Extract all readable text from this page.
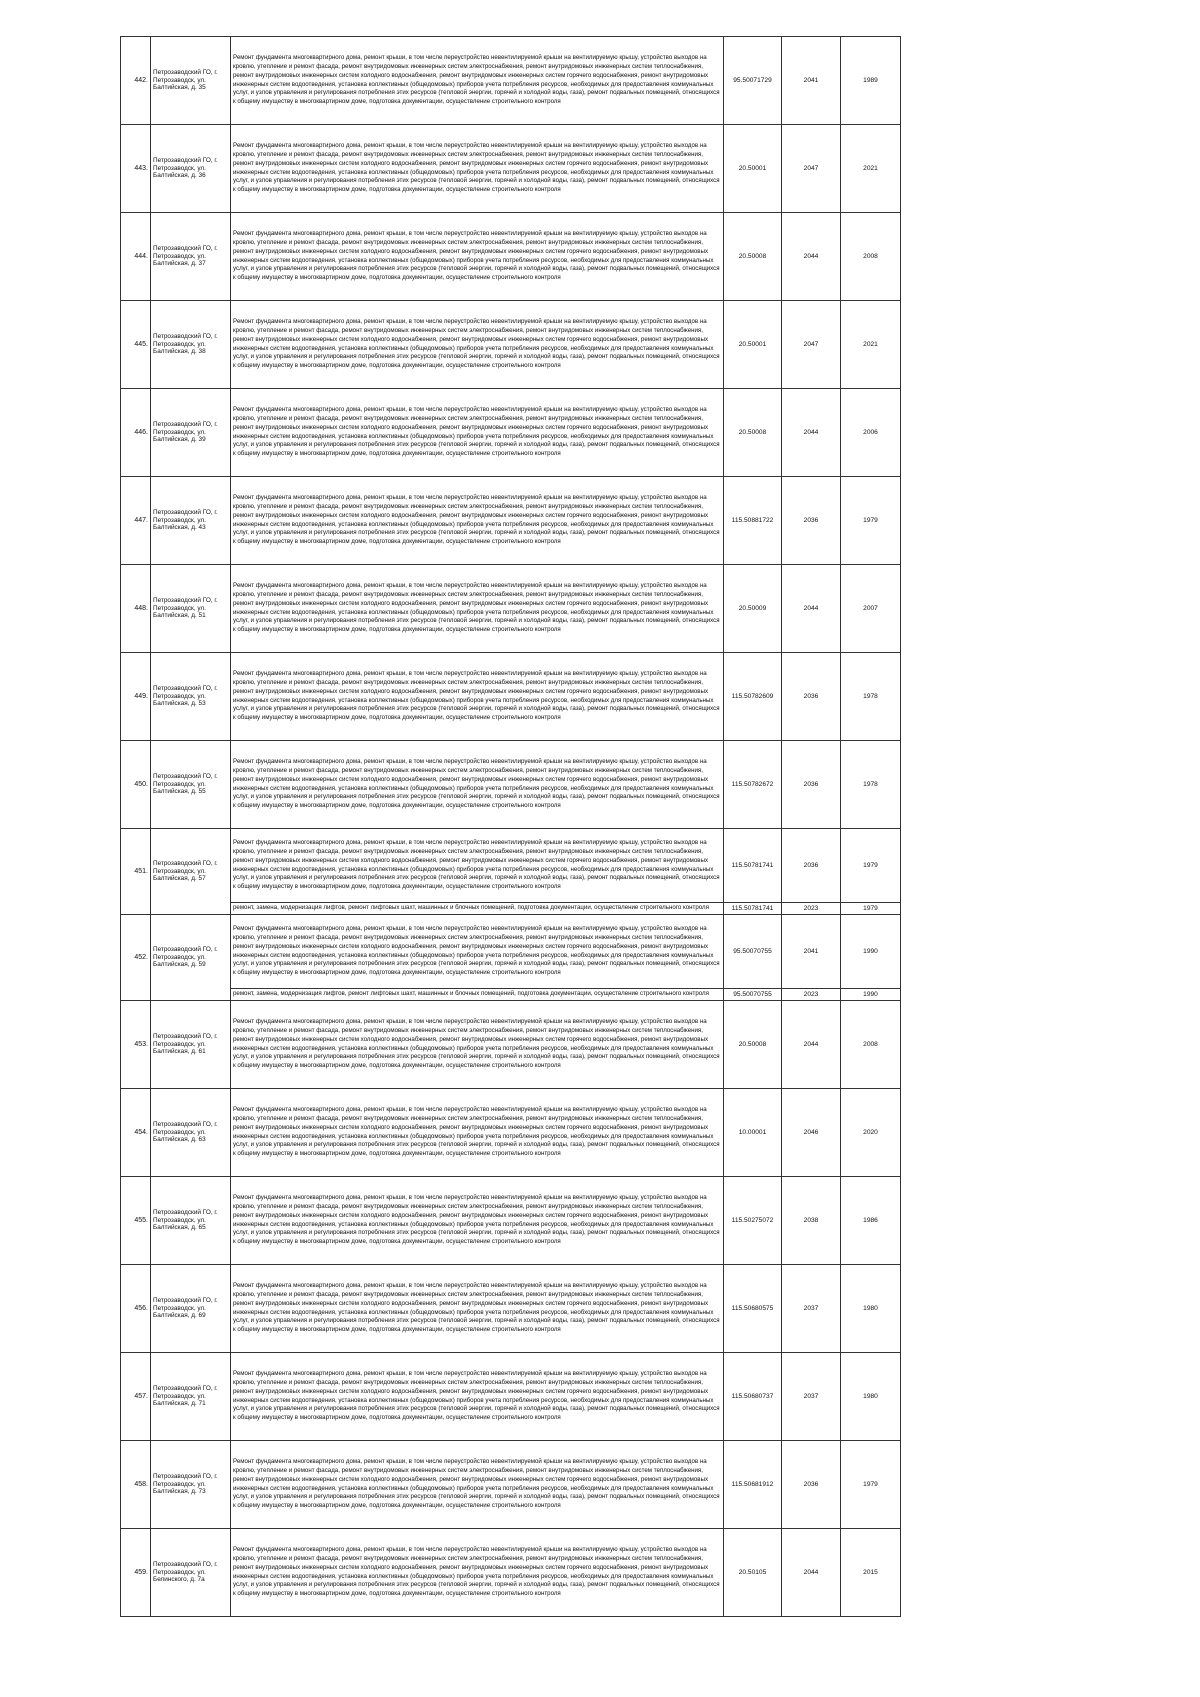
442.	Петрозаводский ГО, г. Петрозаводск, ул. Балтийская, д. 35	Ремонт фундамента многоквартирного дома, ремонт крыши, в том числе переустройство невентилируемой крыши на вентилируемую крышу, устройство выходов на кровлю, утепление и ремонт фасада, ремонт внутридомовых инженерных систем электроснабжения, ремонт внутридомовых инженерных систем теплоснабжения, ремонт внутридомовых инженерных систем холодного водоснабжения, ремонт внутридомовых инженерных систем горячего водоснабжения, ремонт внутридомовых инженерных систем водоотведения, установка коллективных (общедомовых) приборов учета потребления ресурсов, необходимых для предоставления коммунальных услуг, и узлов управления и регулирования потребления этих ресурсов (тепловой энергии, горячей и холодной воды, газа), ремонт подвальных помещений, относящихся к общему имуществу в многоквартирном доме, подготовка документации, осуществление строительного контроля	95.50071729	2041	1989
443.	Петрозаводский ГО, г. Петрозаводск, ул. Балтийская, д. 36	Ремонт фундамента многоквартирного дома, ремонт крыши, в том числе переустройство невентилируемой крыши на вентилируемую крышу, устройство выходов на кровлю, утепление и ремонт фасада, ремонт внутридомовых инженерных систем электроснабжения, ремонт внутридомовых инженерных систем теплоснабжения, ремонт внутридомовых инженерных систем холодного водоснабжения, ремонт внутридомовых инженерных систем горячего водоснабжения, ремонт внутридомовых инженерных систем водоотведения, установка коллективных (общедомовых) приборов учета потребления ресурсов, необходимых для предоставления коммунальных услуг, и узлов управления и регулирования потребления этих ресурсов (тепловой энергии, горячей и холодной воды, газа), ремонт подвальных помещений, относящихся к общему имуществу в многоквартирном доме, подготовка документации, осуществление строительного контроля	20.50001	2047	2021
444.	Петрозаводский ГО, г. Петрозаводск, ул. Балтийская, д. 37	Ремонт фундамента многоквартирного дома, ремонт крыши, в том числе переустройство невентилируемой крыши на вентилируемую крышу, устройство выходов на кровлю, утепление и ремонт фасада, ремонт внутридомовых инженерных систем электроснабжения, ремонт внутридомовых инженерных систем теплоснабжения, ремонт внутридомовых инженерных систем холодного водоснабжения, ремонт внутридомовых инженерных систем горячего водоснабжения, ремонт внутридомовых инженерных систем водоотведения, установка коллективных (общедомовых) приборов учета потребления ресурсов, необходимых для предоставления коммунальных услуг, и узлов управления и регулирования потребления этих ресурсов (тепловой энергии, горячей и холодной воды, газа), ремонт подвальных помещений, относящихся к общему имуществу в многоквартирном доме, подготовка документации, осуществление строительного контроля	20.50008	2044	2008
445.	Петрозаводский ГО, г. Петрозаводск, ул. Балтийская, д. 38	Ремонт фундамента многоквартирного дома, ремонт крыши, в том числе переустройство невентилируемой крыши на вентилируемую крышу, устройство выходов на кровлю, утепление и ремонт фасада, ремонт внутридомовых инженерных систем электроснабжения, ремонт внутридомовых инженерных систем теплоснабжения, ремонт внутридомовых инженерных систем холодного водоснабжения, ремонт внутридомовых инженерных систем горячего водоснабжения, ремонт внутридомовых инженерных систем водоотведения, установка коллективных (общедомовых) приборов учета потребления ресурсов, необходимых для предоставления коммунальных услуг, и узлов управления и регулирования потребления этих ресурсов (тепловой энергии, горячей и холодной воды, газа), ремонт подвальных помещений, относящихся к общему имуществу в многоквартирном доме, подготовка документации, осуществление строительного контроля	20.50001	2047	2021
446.	Петрозаводский ГО, г. Петрозаводск, ул. Балтийская, д. 39	Ремонт фундамента многоквартирного дома, ремонт крыши, в том числе переустройство невентилируемой крыши на вентилируемую крышу, устройство выходов на кровлю, утепление и ремонт фасада, ремонт внутридомовых инженерных систем электроснабжения, ремонт внутридомовых инженерных систем теплоснабжения, ремонт внутридомовых инженерных систем холодного водоснабжения, ремонт внутридомовых инженерных систем горячего водоснабжения, ремонт внутридомовых инженерных систем водоотведения, установка коллективных (общедомовых) приборов учета потребления ресурсов, необходимых для предоставления коммунальных услуг, и узлов управления и регулирования потребления этих ресурсов (тепловой энергии, горячей и холодной воды, газа), ремонт подвальных помещений, относящихся к общему имуществу в многоквартирном доме, подготовка документации, осуществление строительного контроля	20.50008	2044	2006
447.	Петрозаводский ГО, г. Петрозаводск, ул. Балтийская, д. 43	Ремонт фундамента многоквартирного дома, ремонт крыши, в том числе переустройство невентилируемой крыши на вентилируемую крышу, устройство выходов на кровлю, утепление и ремонт фасада, ремонт внутридомовых инженерных систем электроснабжения, ремонт внутридомовых инженерных систем теплоснабжения, ремонт внутридомовых инженерных систем холодного водоснабжения, ремонт внутридомовых инженерных систем горячего водоснабжения, ремонт внутридомовых инженерных систем водоотведения, установка коллективных (общедомовых) приборов учета потребления ресурсов, необходимых для предоставления коммунальных услуг, и узлов управления и регулирования потребления этих ресурсов (тепловой энергии, горячей и холодной воды, газа), ремонт подвальных помещений, относящихся к общему имуществу в многоквартирном доме, подготовка документации, осуществление строительного контроля	115.50881722	2036	1979
448.	Петрозаводский ГО, г. Петрозаводск, ул. Балтийская, д. 51	Ремонт фундамента многоквартирного дома, ремонт крыши, в том числе переустройство невентилируемой крыши на вентилируемую крышу, устройство выходов на кровлю, утепление и ремонт фасада, ремонт внутридомовых инженерных систем электроснабжения, ремонт внутридомовых инженерных систем теплоснабжения, ремонт внутридомовых инженерных систем холодного водоснабжения, ремонт внутридомовых инженерных систем горячего водоснабжения, ремонт внутридомовых инженерных систем водоотведения, установка коллективных (общедомовых) приборов учета потребления ресурсов, необходимых для предоставления коммунальных услуг, и узлов управления и регулирования потребления этих ресурсов (тепловой энергии, горячей и холодной воды, газа), ремонт подвальных помещений, относящихся к общему имуществу в многоквартирном доме, подготовка документации, осуществление строительного контроля	20.50009	2044	2007
449.	Петрозаводский ГО, г. Петрозаводск, ул. Балтийская, д. 53	Ремонт фундамента многоквартирного дома, ремонт крыши, в том числе переустройство невентилируемой крыши на вентилируемую крышу, устройство выходов на кровлю, утепление и ремонт фасада, ремонт внутридомовых инженерных систем электроснабжения, ремонт внутридомовых инженерных систем теплоснабжения, ремонт внутридомовых инженерных систем холодного водоснабжения, ремонт внутридомовых инженерных систем горячего водоснабжения, ремонт внутридомовых инженерных систем водоотведения, установка коллективных (общедомовых) приборов учета потребления ресурсов, необходимых для предоставления коммунальных услуг, и узлов управления и регулирования потребления этих ресурсов (тепловой энергии, горячей и холодной воды, газа), ремонт подвальных помещений, относящихся к общему имуществу в многоквартирном доме, подготовка документации, осуществление строительного контроля	115.50782609	2036	1978
450.	Петрозаводский ГО, г. Петрозаводск, ул. Балтийская, д. 55	Ремонт фундамента многоквартирного дома, ремонт крыши, в том числе переустройство невентилируемой крыши на вентилируемую крышу, устройство выходов на кровлю, утепление и ремонт фасада, ремонт внутридомовых инженерных систем электроснабжения, ремонт внутридомовых инженерных систем теплоснабжения, ремонт внутридомовых инженерных систем холодного водоснабжения, ремонт внутридомовых инженерных систем горячего водоснабжения, ремонт внутридомовых инженерных систем водоотведения, установка коллективных (общедомовых) приборов учета потребления ресурсов, необходимых для предоставления коммунальных услуг, и узлов управления и регулирования потребления этих ресурсов (тепловой энергии, горячей и холодной воды, газа), ремонт подвальных помещений, относящихся к общему имуществу в многоквартирном доме, подготовка документации, осуществление строительного контроля	115.50782672	2036	1978
451.	Петрозаводский ГО, г. Петрозаводск, ул. Балтийская, д. 57	Ремонт фундамента многоквартирного дома, ремонт крыши, в том числе переустройство невентилируемой крыши на вентилируемую крышу, устройство выходов на кровлю, утепление и ремонт фасада, ремонт внутридомовых инженерных систем электроснабжения, ремонт внутридомовых инженерных систем теплоснабжения, ремонт внутридомовых инженерных систем холодного водоснабжения, ремонт внутридомовых инженерных систем горячего водоснабжения, ремонт внутридомовых инженерных систем водоотведения, установка коллективных (общедомовых) приборов учета потребления ресурсов, необходимых для предоставления коммунальных услуг, и узлов управления и регулирования потребления этих ресурсов (тепловой энергии, горячей и холодной воды, газа), ремонт подвальных помещений, относящихся к общему имуществу в многоквартирном доме, подготовка документации, осуществление строительного контроля	115.50781741	2036	1979
		ремонт, замена, модернизация лифтов, ремонт лифтовых шахт, машинных и блочных помещений, подготовка документации, осуществление строительного контроля	115.50781741	2023	1979
452.	Петрозаводский ГО, г. Петрозаводск, ул. Балтийская, д. 59	Ремонт фундамента многоквартирного дома, ремонт крыши, в том числе переустройство невентилируемой крыши на вентилируемую крышу, устройство выходов на кровлю, утепление и ремонт фасада, ремонт внутридомовых инженерных систем электроснабжения, ремонт внутридомовых инженерных систем теплоснабжения, ремонт внутридомовых инженерных систем холодного водоснабжения, ремонт внутридомовых инженерных систем горячего водоснабжения, ремонт внутридомовых инженерных систем водоотведения, установка коллективных (общедомовых) приборов учета потребления ресурсов, необходимых для предоставления коммунальных услуг, и узлов управления и регулирования потребления этих ресурсов (тепловой энергии, горячей и холодной воды, газа), ремонт подвальных помещений, относящихся к общему имуществу в многоквартирном доме, подготовка документации, осуществление строительного контроля	95.50070755	2041	1990
		ремонт, замена, модернизация лифтов, ремонт лифтовых шахт, машинных и блочных помещений, подготовка документации, осуществление строительного контроля	95.50070755	2023	1990
453.	Петрозаводский ГО, г. Петрозаводск, ул. Балтийская, д. 61	Ремонт фундамента многоквартирного дома, ремонт крыши, в том числе переустройство невентилируемой крыши на вентилируемую крышу, устройство выходов на кровлю, утепление и ремонт фасада, ремонт внутридомовых инженерных систем электроснабжения, ремонт внутридомовых инженерных систем теплоснабжения, ремонт внутридомовых инженерных систем холодного водоснабжения, ремонт внутридомовых инженерных систем горячего водоснабжения, ремонт внутридомовых инженерных систем водоотведения, установка коллективных (общедомовых) приборов учета потребления ресурсов, необходимых для предоставления коммунальных услуг, и узлов управления и регулирования потребления этих ресурсов (тепловой энергии, горячей и холодной воды, газа), ремонт подвальных помещений, относящихся к общему имуществу в многоквартирном доме, подготовка документации, осуществление строительного контроля	20.50008	2044	2008
454.	Петрозаводский ГО, г. Петрозаводск, ул. Балтийская, д. 63	Ремонт фундамента многоквартирного дома, ремонт крыши, в том числе переустройство невентилируемой крыши на вентилируемую крышу, устройство выходов на кровлю, утепление и ремонт фасада, ремонт внутридомовых инженерных систем электроснабжения, ремонт внутридомовых инженерных систем теплоснабжения, ремонт внутридомовых инженерных систем холодного водоснабжения, ремонт внутридомовых инженерных систем горячего водоснабжения, ремонт внутридомовых инженерных систем водоотведения, установка коллективных (общедомовых) приборов учета потребления ресурсов, необходимых для предоставления коммунальных услуг, и узлов управления и регулирования потребления этих ресурсов (тепловой энергии, горячей и холодной воды, газа), ремонт подвальных помещений, относящихся к общему имуществу в многоквартирном доме, подготовка документации, осуществление строительного контроля	10.00001	2046	2020
455.	Петрозаводский ГО, г. Петрозаводск, ул. Балтийская, д. 65	Ремонт фундамента многоквартирного дома, ремонт крыши, в том числе переустройство невентилируемой крыши на вентилируемую крышу, устройство выходов на кровлю, утепление и ремонт фасада, ремонт внутридомовых инженерных систем электроснабжения, ремонт внутридомовых инженерных систем теплоснабжения, ремонт внутридомовых инженерных систем холодного водоснабжения, ремонт внутридомовых инженерных систем горячего водоснабжения, ремонт внутридомовых инженерных систем водоотведения, установка коллективных (общедомовых) приборов учета потребления ресурсов, необходимых для предоставления коммунальных услуг, и узлов управления и регулирования потребления этих ресурсов (тепловой энергии, горячей и холодной воды, газа), ремонт подвальных помещений, относящихся к общему имуществу в многоквартирном доме, подготовка документации, осуществление строительного контроля	115.50275072	2038	1986
456.	Петрозаводский ГО, г. Петрозаводск, ул. Балтийская, д. 69	Ремонт фундамента многоквартирного дома, ремонт крыши, в том числе переустройство невентилируемой крыши на вентилируемую крышу, устройство выходов на кровлю, утепление и ремонт фасада, ремонт внутридомовых инженерных систем электроснабжения, ремонт внутридомовых инженерных систем теплоснабжения, ремонт внутридомовых инженерных систем холодного водоснабжения, ремонт внутридомовых инженерных систем горячего водоснабжения, ремонт внутридомовых инженерных систем водоотведения, установка коллективных (общедомовых) приборов учета потребления ресурсов, необходимых для предоставления коммунальных услуг, и узлов управления и регулирования потребления этих ресурсов (тепловой энергии, горячей и холодной воды, газа), ремонт подвальных помещений, относящихся к общему имуществу в многоквартирном доме, подготовка документации, осуществление строительного контроля	115.50680575	2037	1980
457.	Петрозаводский ГО, г. Петрозаводск, ул. Балтийская, д. 71	Ремонт фундамента многоквартирного дома, ремонт крыши, в том числе переустройство невентилируемой крыши на вентилируемую крышу, устройство выходов на кровлю, утепление и ремонт фасада, ремонт внутридомовых инженерных систем электроснабжения, ремонт внутридомовых инженерных систем теплоснабжения, ремонт внутридомовых инженерных систем холодного водоснабжения, ремонт внутридомовых инженерных систем горячего водоснабжения, ремонт внутридомовых инженерных систем водоотведения, установка коллективных (общедомовых) приборов учета потребления ресурсов, необходимых для предоставления коммунальных услуг, и узлов управления и регулирования потребления этих ресурсов (тепловой энергии, горячей и холодной воды, газа), ремонт подвальных помещений, относящихся к общему имуществу в многоквартирном доме, подготовка документации, осуществление строительного контроля	115.50680737	2037	1980
458.	Петрозаводский ГО, г. Петрозаводск, ул. Балтийская, д. 73	Ремонт фундамента многоквартирного дома, ремонт крыши, в том числе переустройство невентилируемой крыши на вентилируемую крышу, устройство выходов на кровлю, утепление и ремонт фасада, ремонт внутридомовых инженерных систем электроснабжения, ремонт внутридомовых инженерных систем теплоснабжения, ремонт внутридомовых инженерных систем холодного водоснабжения, ремонт внутридомовых инженерных систем горячего водоснабжения, ремонт внутридомовых инженерных систем водоотведения, установка коллективных (общедомовых) приборов учета потребления ресурсов, необходимых для предоставления коммунальных услуг, и узлов управления и регулирования потребления этих ресурсов (тепловой энергии, горячей и холодной воды, газа), ремонт подвальных помещений, относящихся к общему имуществу в многоквартирном доме, подготовка документации, осуществление строительного контроля	115.50681912	2036	1979
459.	Петрозаводский ГО, г. Петрозаводск, ул. Белинского, д. 7а	Ремонт фундамента многоквартирного дома, ремонт крыши, в том числе переустройство невентилируемой крыши на вентилируемую крышу, устройство выходов на кровлю, утепление и ремонт фасада, ремонт внутридомовых инженерных систем электроснабжения, ремонт внутридомовых инженерных систем теплоснабжения, ремонт внутридомовых инженерных систем холодного водоснабжения, ремонт внутридомовых инженерных систем горячего водоснабжения, ремонт внутридомовых инженерных систем водоотведения, установка коллективных (общедомовых) приборов учета потребления ресурсов, необходимых для предоставления коммунальных услуг, и узлов управления и регулирования потребления этих ресурсов (тепловой энергии, горячей и холодной воды, газа), ремонт подвальных помещений, относящихся к общему имуществу в многоквартирном доме, подготовка документации, осуществление строительного контроля	20.50105	2044	2015
